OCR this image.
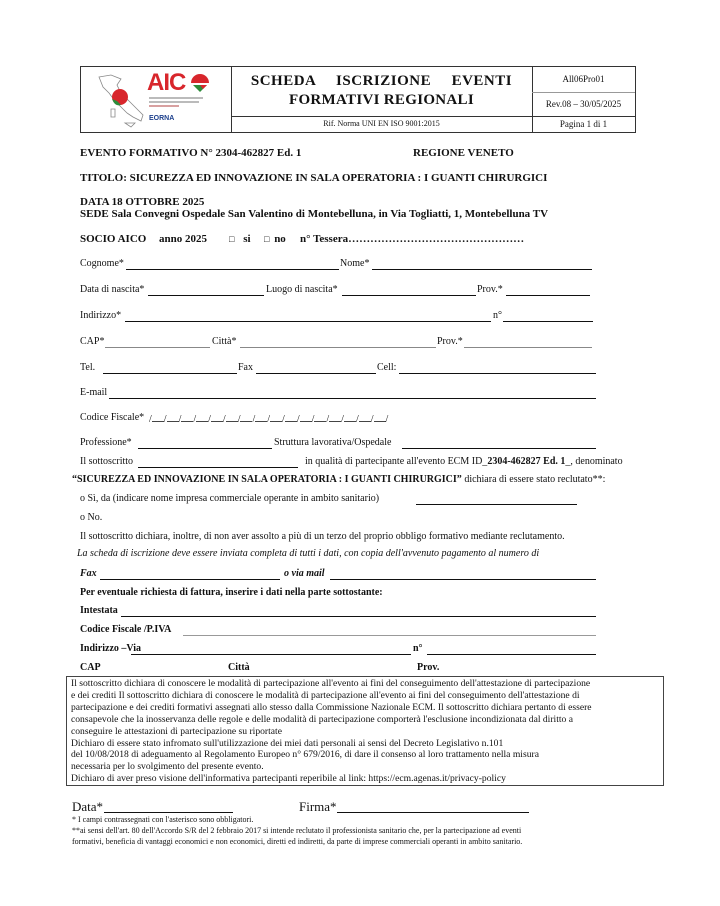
AIC
EORNA
SCHEDA  ISCRIZIONE  EVENTI
FORMATIVI REGIONALI
Rif. Norma UNI EN ISO 9001:2015
All06Pro01
Rev.08 – 30/05/2025
Pagina 1 di 1
EVENTO FORMATIVO N° 2304-462827 Ed. 1	REGIONE VENETO
TITOLO: SICUREZZA ED INNOVAZIONE IN SALA OPERATORIA : I GUANTI CHIRURGICI
DATA 18 OTTOBRE 2025
SEDE Sala Convegni Ospedale San Valentino di Montebelluna, in Via Togliatti, 1, Montebelluna TV
SOCIO AICO anno 2025 □ si □ no n° Tessera…………………………………………
Cognome*	Nome*
Data di nascita*	Luogo di nascita*	Prov.*
Indirizzo*	n°
CAP*	Città*	Prov.*
Tel.	Fax	Cell:
E-mail
Codice Fiscale* / / / / / / / / / / / / / / / / /
Professione*	Struttura lavorativa/Ospedale
Il sottoscritto	in qualità di partecipante all'evento ECM ID_2304-462827 Ed. 1_, denominato
“SICUREZZA ED INNOVAZIONE IN SALA OPERATORIA : I GUANTI CHIRURGICI” dichiara di essere stato reclutato**:
o Sì, da (indicare nome impresa commerciale operante in ambito sanitario)
o No.
Il sottoscritto dichiara, inoltre, di non aver assolto a più di un terzo del proprio obbligo formativo mediante reclutamento.
La scheda di iscrizione deve essere inviata completa di tutti i dati, con copia dell'avvenuto pagamento al numero di
Fax	o via mail
Per eventuale richiesta di fattura, inserire i dati nella parte sottostante:
Intestata
Codice Fiscale /P.IVA
Indirizzo –Via	n°
CAP	Città	Prov.
Il sottoscritto dichiara di conoscere le modalità di partecipazione all'evento ai fini del conseguimento dell'attestazione di partecipazione
e dei crediti Il sottoscritto dichiara di conoscere le modalità di partecipazione all'evento ai fini del conseguimento dell'attestazione di
partecipazione e dei crediti formativi assegnati allo stesso dalla Commissione Nazionale ECM. Il sottoscritto dichiara pertanto di essere
consapevole che la inosservanza delle regole e delle modalità di partecipazione comporterà l'esclusione incondizionata dal diritto a
conseguire le attestazioni di partecipazione su riportate
Dichiaro di essere stato infromato sull'utilizzazione dei miei dati personali ai sensi del Decreto Legislativo n.101
del 10/08/2018 di adeguamento al Regolamento Europeo n° 679/2016, di dare il consenso al loro trattamento nella misura
necessaria per lo svolgimento del presente evento.
Dichiaro di aver preso visione dell'informativa partecipanti reperibile al link: https://ecm.agenas.it/privacy-policy
Data*	Firma*
* I campi contrassegnati con l'asterisco sono obbligatori.
**ai sensi dell'art. 80 dell'Accordo S/R del 2 febbraio 2017 si intende reclutato il professionista sanitario che, per la partecipazione ad eventi
formativi, beneficia di vantaggi economici e non economici, diretti ed indiretti, da parte di imprese commerciali operanti in ambito sanitario.
